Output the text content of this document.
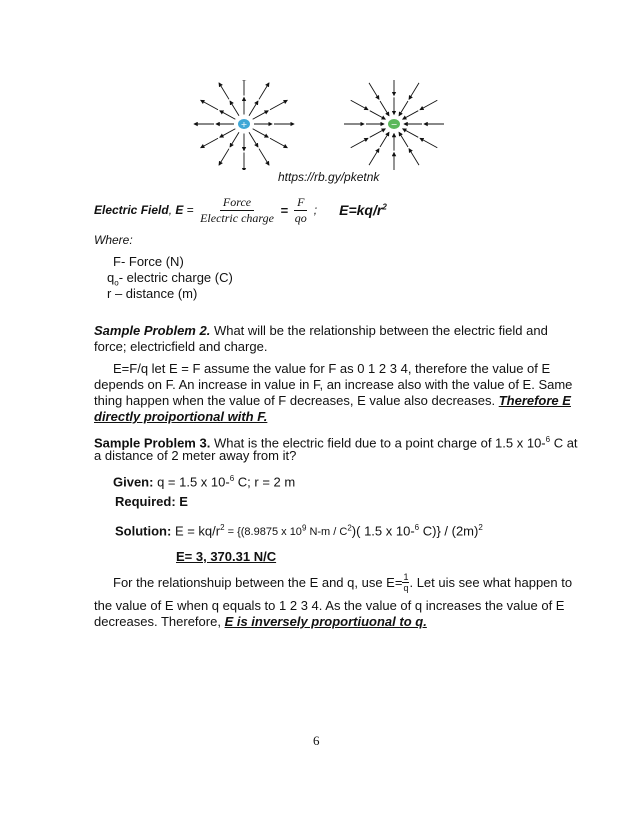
+	−
https://rb.gy/pketnk
Electric Field , E
=
$\frac{\text{Force}}{\text{Electric charge}} = \frac{F}{qo}$ ; $E=kq/r^2$
Where:
F- Force (N)
$q_o-$ electric charge (C)
r – distance (m)
Sample Problem 2. What will be the relationship between the electric field and
force; electricfield and charge.
E=F/q let E = F assume the value for F as 0 1 2 3 4, therefore the value of E
depends on F. An increase in value in F, an increase also with the value of E. Same
thing happen when the value of F decreases, E value also decreases. Therefore E
directly proiportional with F.
Sample Problem 3. What is the electric field due to a point charge of 1.5 x 10-$^6$ C at
a distance of 2 meter away from it?
Given: q = 1.5 x 10-$^6$ C; r = 2 m
Required: E
Solution: $E = kq/r^2 = \{(8.9875$ x $10^9$ $N-m / C^2$)( 1.5 x 10-$^6$ $C)\} / (2m)^2$
E= 3, 370.31 N/C
For the relationshuip between the E and q, use $E= \frac{1}{q}$ . Let uis see what happen to
the value of E when q equals to 1 2 3 4. As the value of q increases the value of E
decreases. Therefore, E is inversely proportiuonal to q.
6
